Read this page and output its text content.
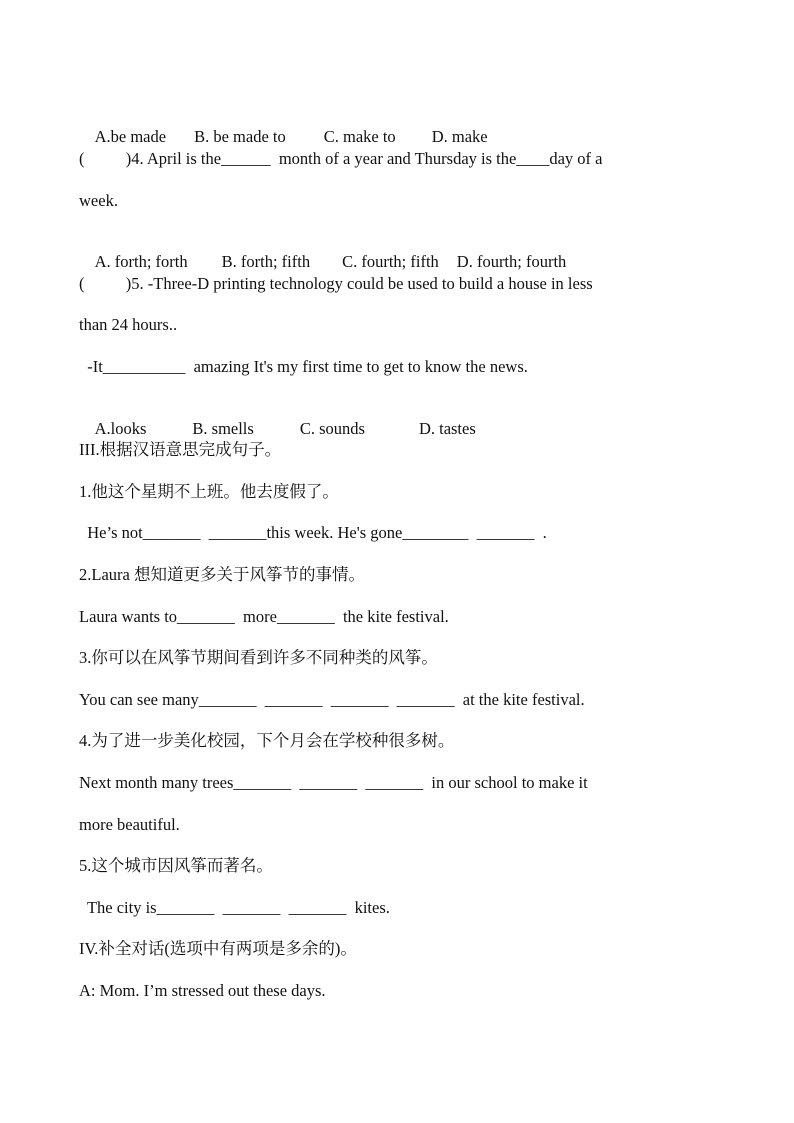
A.be made B. be made to C. make to D. make

(          )4. April is the______  month of a year and Thursday is the____day of a
week.

A. forth; forth B. forth; fifth C. fourth; fifth D. fourth; fourth

(          )5. -Three-D printing technology could be used to build a house in less
than 24 hours..
-It__________  amazing It's my first time to get to know the news.

A.looks	B. smells	C. sounds	D. tastes

III.根据汉语意思完成句子。
1.他这个星期不上班。他去度假了。
He’s not_______  _______this week. He's gone________  _______  .
2.Laura 想知道更多关于风筝节的事情。
Laura wants to_______  more_______  the kite festival.
3.你可以在风筝节期间看到许多不同种类的风筝。
You can see many_______  _______  _______  _______  at the kite festival.
4.为了进一步美化校园，下个月会在学校种很多树。
Next month many trees_______  _______  _______  in our school to make it
more beautiful.
5.这个城市因风筝而著名。
The city is_______  _______  _______  kites.
IV.补全对话(选项中有两项是多余的)。
A: Mom. I’m stressed out these days.
